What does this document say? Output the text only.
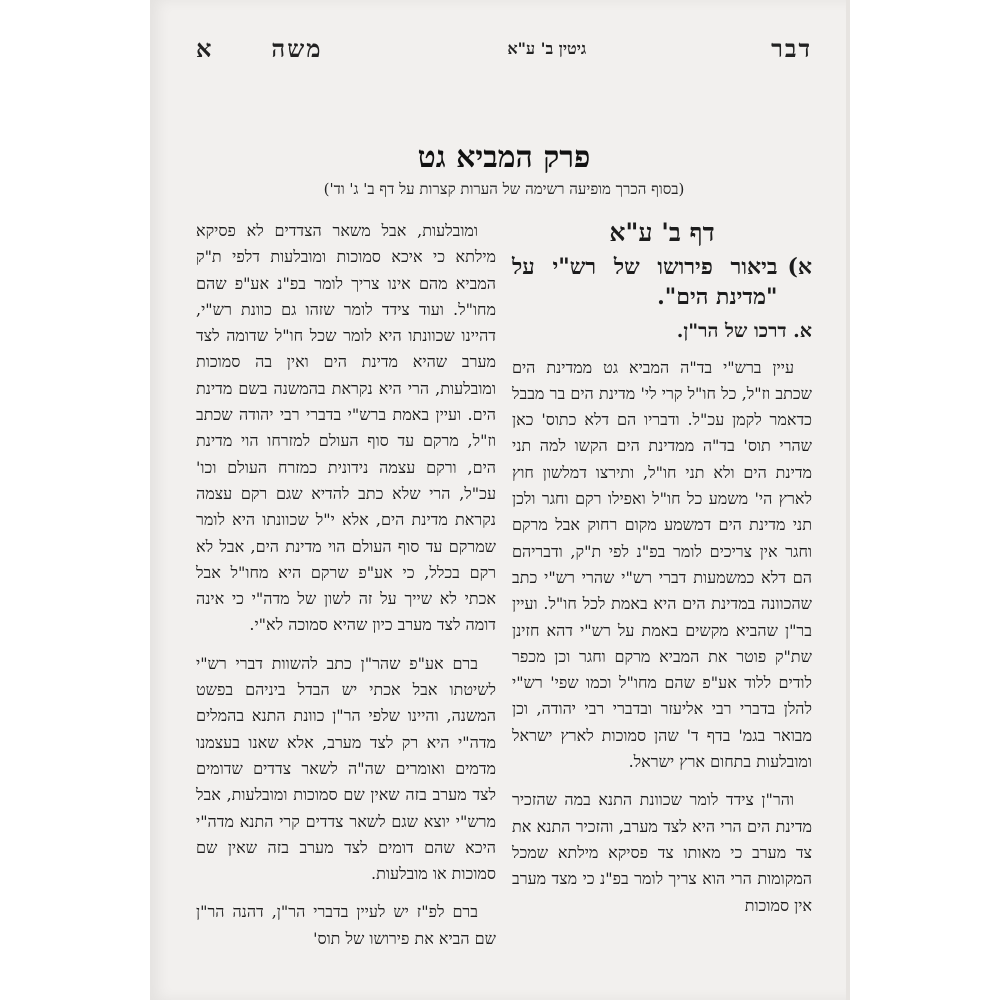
דבר
גיטין ב' ע"א
משה
א
פרק המביא גט
(בסוף הכרך מופיעה רשימה של הערות קצרות על דף ב' ג' וד')
דף ב' ע"א
א)
ביאור פירושו של רש"י על "מדינת הים".
א. דרכו של הר"ן.

עיין ברש"י בד"ה המביא גט ממדינת הים שכתב וז"ל, כל חו"ל קרי לי' מדינת הים בר מבבל כדאמר לקמן עכ"ל. ודבריו הם דלא כתוס' כאן שהרי תוס' בד"ה ממדינת הים הקשו למה תני מדינת הים ולא תני חו"ל, ותירצו דמלשון חוץ לארץ הי' משמע כל חו"ל ואפילו רקם וחגר ולכן תני מדינת הים דמשמע מקום רחוק אבל מרקם וחגר אין צריכים לומר בפ"נ לפי ת"ק, ודבריהם הם דלא כמשמעות דברי רש"י שהרי רש"י כתב שהכוונה במדינת הים היא באמת לכל חו"ל. ועיין בר"ן שהביא מקשים באמת על רש"י דהא חזינן שת"ק פוטר את המביא מרקם וחגר וכן מכפר לודים ללוד אע"פ שהם מחו"ל וכמו שפי' רש"י להלן בדברי רבי אליעזר ובדברי רבי יהודה, וכן מבואר בגמ' בדף ד' שהן סמוכות לארץ ישראל ומובלעות בתחום ארץ ישראל.

והר"ן צידד לומר שכוונת התנא במה שהזכיר מדינת הים הרי היא לצד מערב, והזכיר התנא את צד מערב כי מאותו צד פסיקא מילתא שמכל המקומות הרי הוא צריך לומר בפ"נ כי מצד מערב אין סמוכות

ומובלעות, אבל משאר הצדדים לא פסיקא מילתא כי איכא סמוכות ומובלעות דלפי ת"ק המביא מהם אינו צריך לומר בפ"נ אע"פ שהם מחו"ל. ועוד צידד לומר שזהו גם כוונת רש"י, דהיינו שכוונתו היא לומר שכל חו"ל שדומה לצד מערב שהיא מדינת הים ואין בה סמוכות ומובלעות, הרי היא נקראת בהמשנה בשם מדינת הים. ועיין באמת ברש"י בדברי רבי יהודה שכתב וז"ל, מרקם עד סוף העולם למזרחו הוי מדינת הים, ורקם עצמה נידונית כמזרח העולם וכו' עכ"ל, הרי שלא כתב להדיא שגם רקם עצמה נקראת מדינת הים, אלא י"ל שכוונתו היא לומר שמרקם עד סוף העולם הוי מדינת הים, אבל לא רקם בכלל, כי אע"פ שרקם היא מחו"ל אבל אכתי לא שייך על זה לשון של מדה"י כי אינה דומה לצד מערב כיון שהיא סמוכה לא"י.

ברם אע"פ שהר"ן כתב להשוות דברי רש"י לשיטתו אבל אכתי יש הבדל ביניהם בפשט המשנה, והיינו שלפי הר"ן כוונת התנא בהמלים מדה"י היא רק לצד מערב, אלא שאנו בעצמנו מדמים ואומרים שה"ה לשאר צדדים שדומים לצד מערב בזה שאין שם סמוכות ומובלעות, אבל מרש"י יוצא שגם לשאר צדדים קרי התנא מדה"י היכא שהם דומים לצד מערב בזה שאין שם סמוכות או מובלעות.

ברם לפ"ז יש לעיין בדברי הר"ן, דהנה הר"ן שם הביא את פירושו של תוס'
